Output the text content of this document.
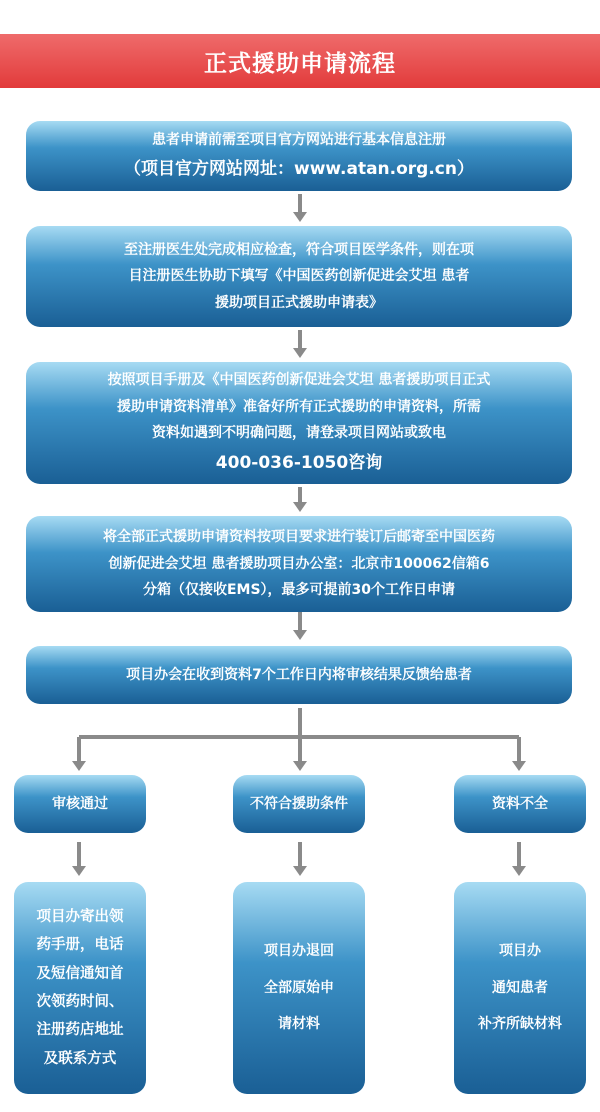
正式援助申请流程
患者申请前需至项目官方网站进行基本信息注册
（项目官方网站网址：www.atan.org.cn）
至注册医生处完成相应检查，符合项目医学条件，则在项
目注册医生协助下填写《中国医药创新促进会艾坦 患者
援助项目正式援助申请表》
按照项目手册及《中国医药创新促进会艾坦 患者援助项目正式
援助申请资料清单》准备好所有正式援助的申请资料，所需
资料如遇到不明确问题，请登录项目网站或致电
400-036-1050咨询
将全部正式援助申请资料按项目要求进行装订后邮寄至中国医药
创新促进会艾坦 患者援助项目办公室：北京市100062信箱6
分箱（仅接收EMS），最多可提前30个工作日申请
项目办会在收到资料7个工作日内将审核结果反馈给患者
审核通过	不符合援助条件	资料不全
项目办寄出领
药手册，电话
及短信通知首
次领药时间、
注册药店地址
及联系方式
项目办退回
全部原始申
请材料
项目办
通知患者
补齐所缺材料
